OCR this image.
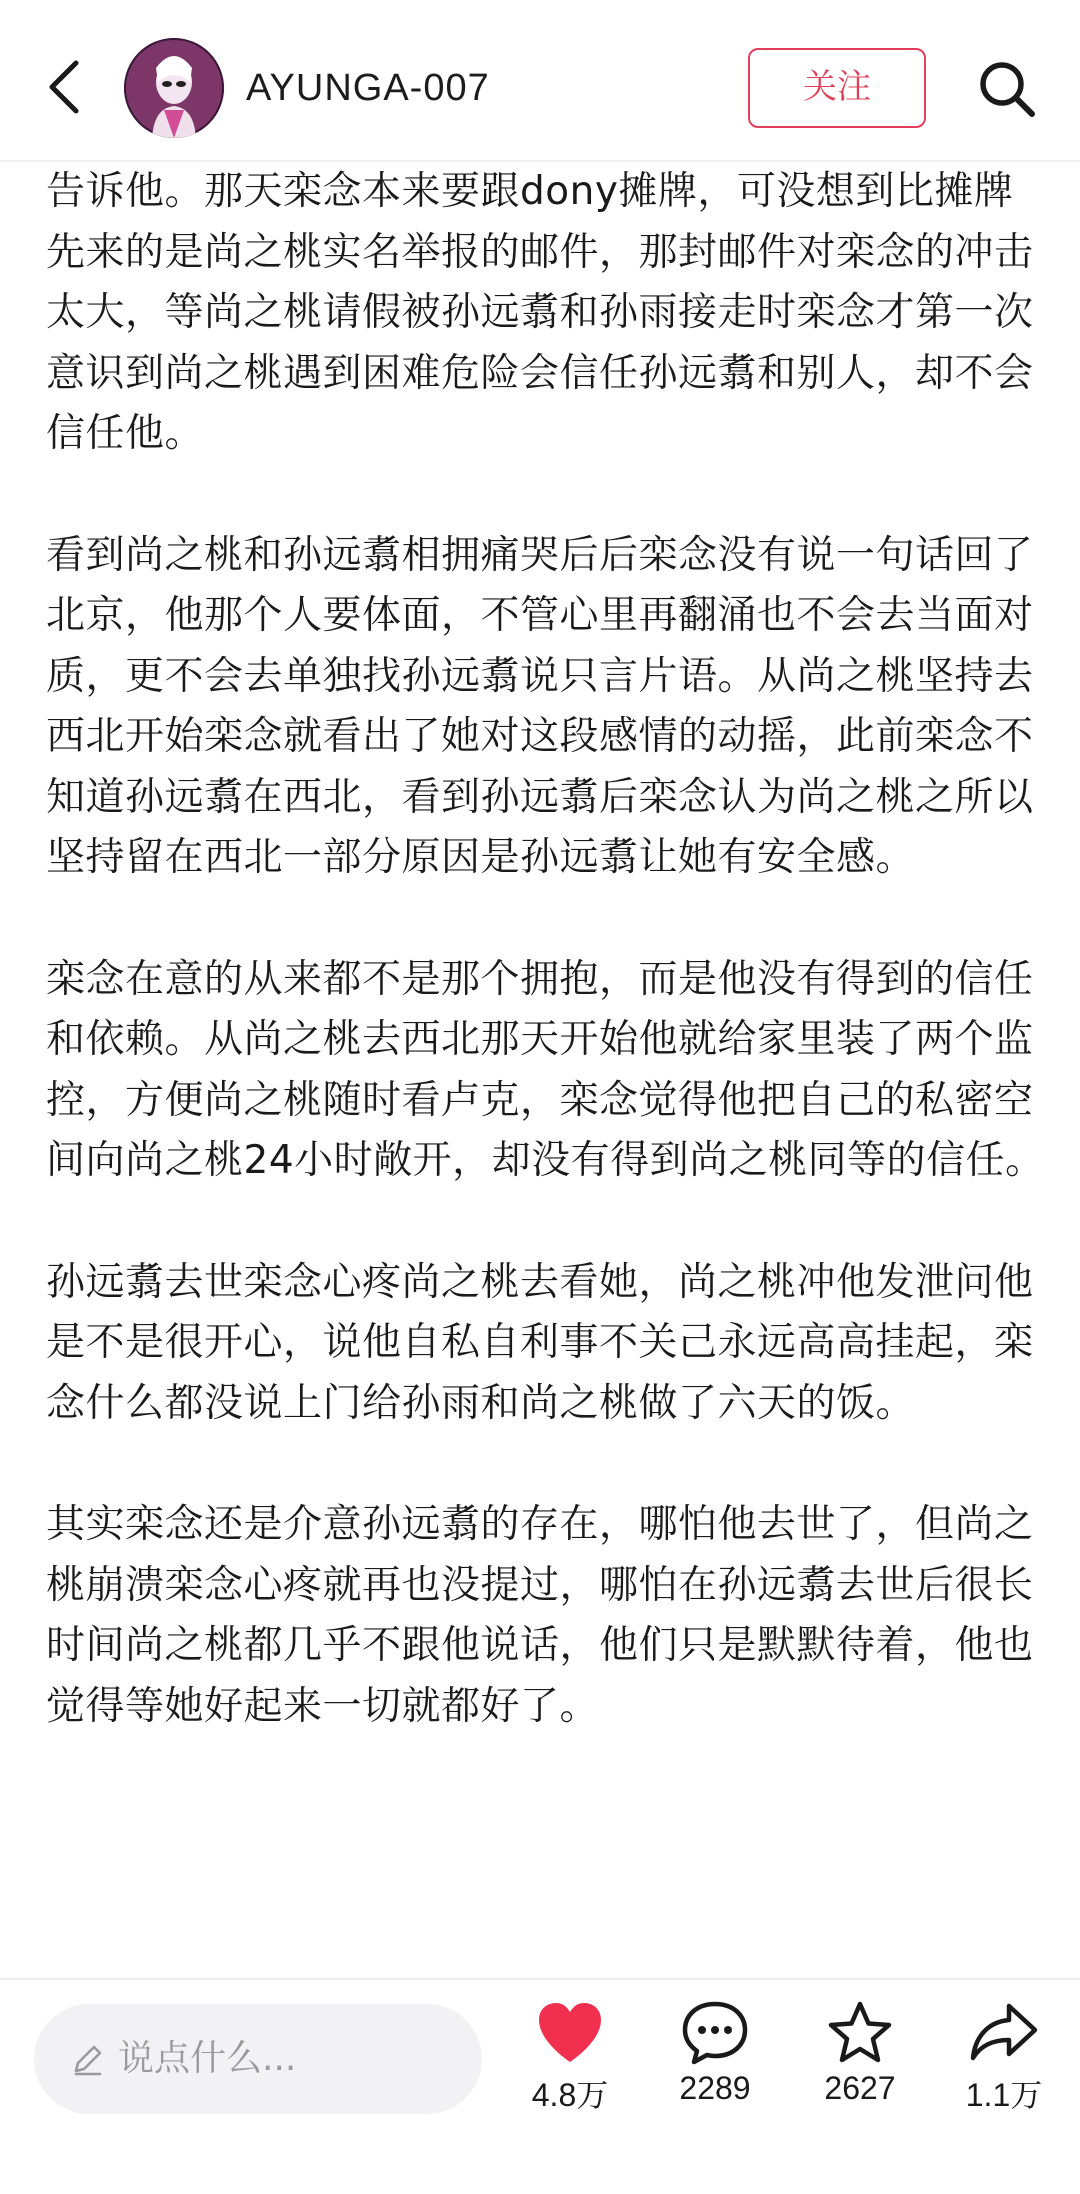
AYUNGA-007	关注

告诉他。那天栾念本来要跟dony摊牌，可没想到比摊牌先来的是尚之桃实名举报的邮件，那封邮件对栾念的冲击太大，等尚之桃请假被孙远翥和孙雨接走时栾念才第一次意识到尚之桃遇到困难危险会信任孙远翥和别人，却不会信任他。

看到尚之桃和孙远翥相拥痛哭后后栾念没有说一句话回了北京，他那个人要体面，不管心里再翻涌也不会去当面对质，更不会去单独找孙远翥说只言片语。从尚之桃坚持去西北开始栾念就看出了她对这段感情的动摇，此前栾念不知道孙远翥在西北，看到孙远翥后栾念认为尚之桃之所以坚持留在西北一部分原因是孙远翥让她有安全感。

栾念在意的从来都不是那个拥抱，而是他没有得到的信任和依赖。从尚之桃去西北那天开始他就给家里装了两个监控，方便尚之桃随时看卢克，栾念觉得他把自己的私密空间向尚之桃24小时敞开，却没有得到尚之桃同等的信任。

孙远翥去世栾念心疼尚之桃去看她，尚之桃冲他发泄问他是不是很开心，说他自私自利事不关己永远高高挂起，栾念什么都没说上门给孙雨和尚之桃做了六天的饭。

其实栾念还是介意孙远翥的存在，哪怕他去世了，但尚之桃崩溃栾念心疼就再也没提过，哪怕在孙远翥去世后很长时间尚之桃都几乎不跟他说话，他们只是默默待着，他也觉得等她好起来一切就都好了。

说点什么...
4.8万	2289	2627	1.1万
